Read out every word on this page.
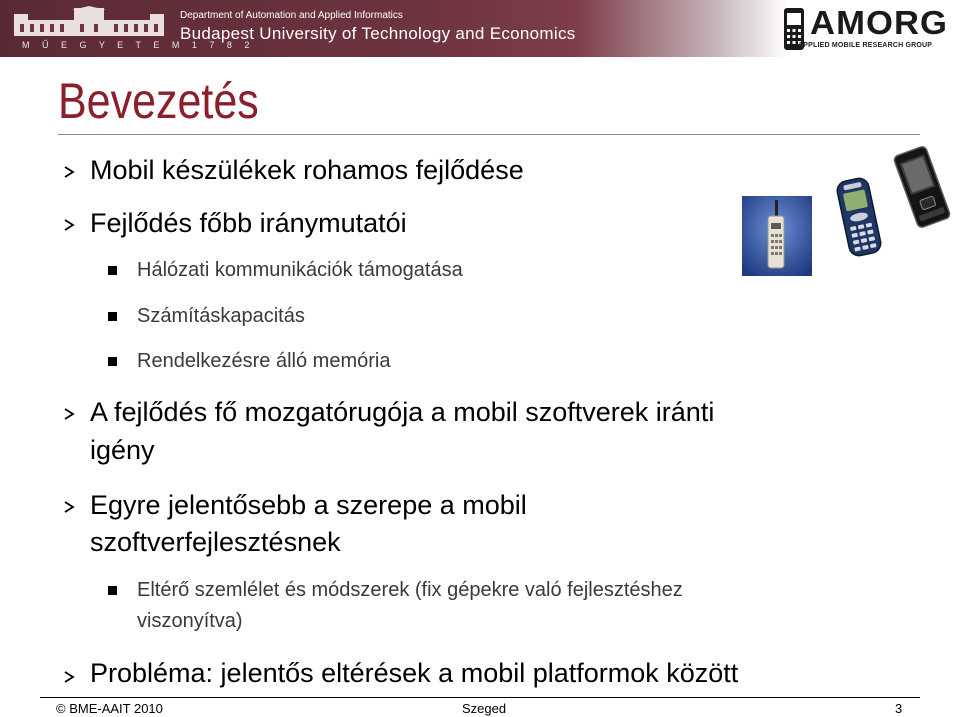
M Ű E G Y E T E M 1 7 8 2
Department of Automation and Applied Informatics
Budapest University of Technology and Economics	AMORG
APPLIED MOBILE RESEARCH GROUP
Bevezetés
Mobil készülékek rohamos fejlődése
Fejlődés főbb iránymutatói
Hálózati kommunikációk támogatása
Számításkapacitás
Rendelkezésre álló memória
A fejlődés fő mozgatórugója a mobil szoftverek iránti
igény
Egyre jelentősebb a szerepe a mobil
szoftverfejlesztésnek
Eltérő szemlélet és módszerek (fix gépekre való fejlesztéshez
viszonyítva)
Probléma: jelentős eltérések a mobil platformok között
© BME-AAIT 2010	Szeged	3
